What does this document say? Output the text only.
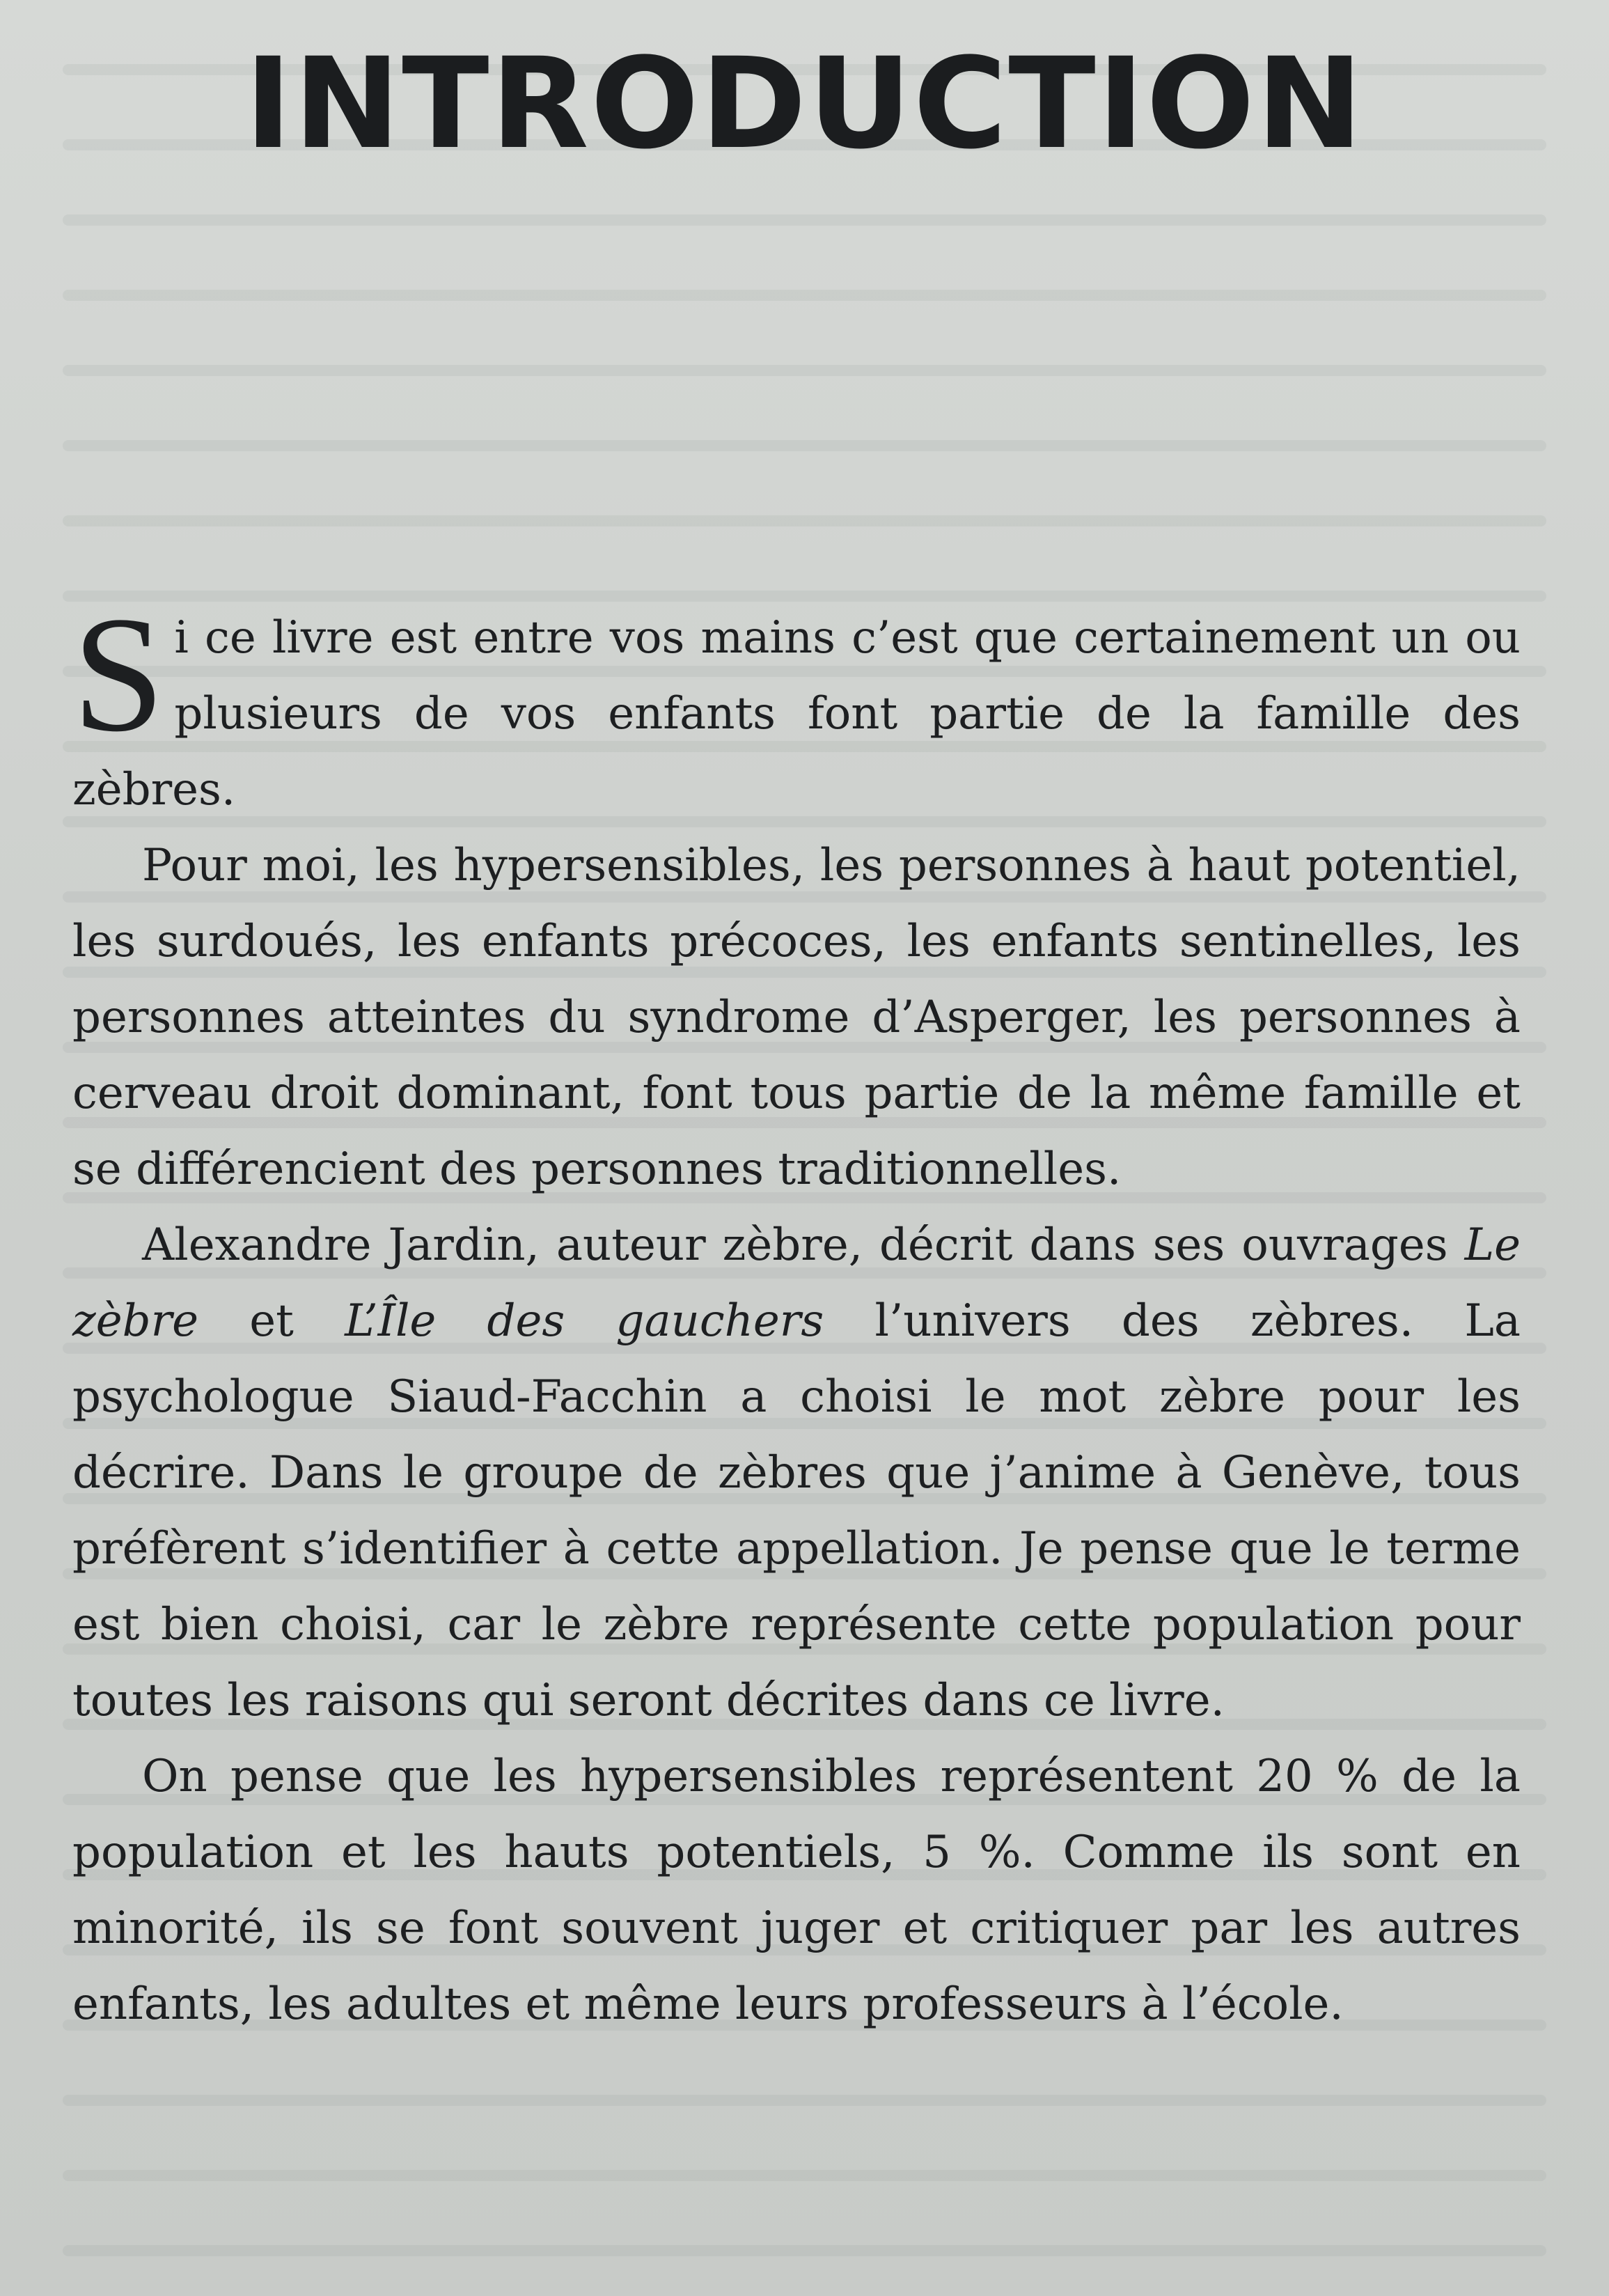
INTRODUCTION

Si ce livre est entre vos mains c’est que certainement un ou plusieurs de vos enfants font partie de la famille des zèbres.

Pour moi, les hypersensibles, les personnes à haut potentiel, les surdoués, les enfants précoces, les enfants sentinelles, les personnes atteintes du syndrome d’Asperger, les personnes à cerveau droit dominant, font tous partie de la même famille et se différencient des personnes traditionnelles.

Alexandre Jardin, auteur zèbre, décrit dans ses ouvrages Le zèbre et L’Île des gauchers l’univers des zèbres. La psychologue Siaud-Facchin a choisi le mot zèbre pour les décrire. Dans le groupe de zèbres que j’anime à Genève, tous préfèrent s’identifier à cette appellation. Je pense que le terme est bien choisi, car le zèbre représente cette population pour toutes les raisons qui seront décrites dans ce livre.

On pense que les hypersensibles représentent 20 % de la population et les hauts potentiels, 5 %. Comme ils sont en minorité, ils se font souvent juger et critiquer par les autres enfants, les adultes et même leurs professeurs à l’école.
